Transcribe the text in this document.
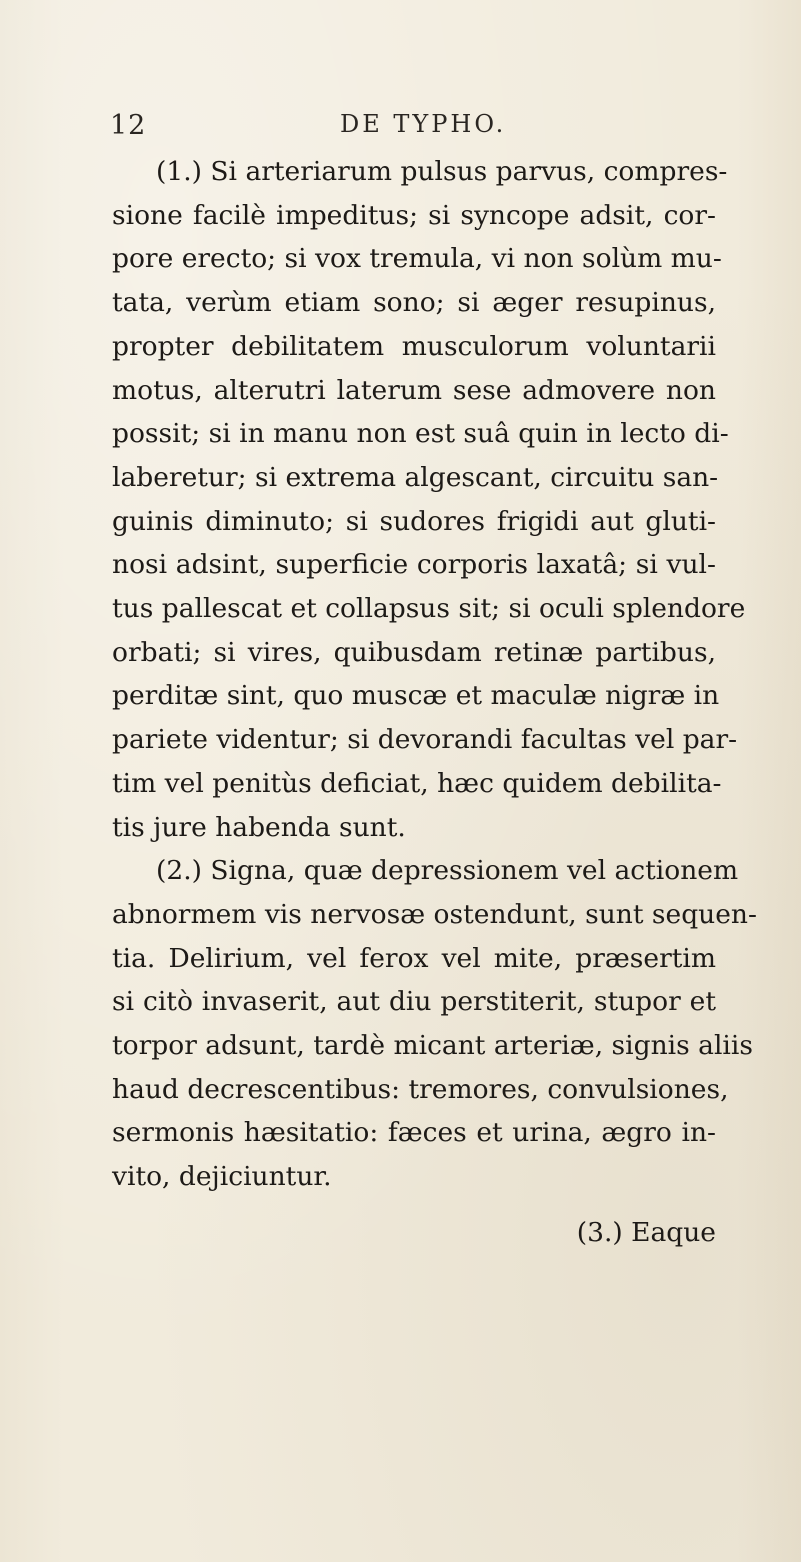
12	DE TYPHO.
(1.) Si arteriarum pulsus parvus, compres-
sione facilè impeditus; si syncope adsit, cor-
pore erecto; si vox tremula, vi non solùm mu-
tata, verùm etiam sono; si æger resupinus,
propter debilitatem musculorum voluntarii
motus, alterutri laterum sese admovere non
possit; si in manu non est suâ quin in lecto di-
laberetur; si extrema algescant, circuitu san-
guinis diminuto; si sudores frigidi aut gluti-
nosi adsint, superficie corporis laxatâ; si vul-
tus pallescat et collapsus sit; si oculi splendore
orbati; si vires, quibusdam retinæ partibus,
perditæ sint, quo muscæ et maculæ nigræ in
pariete videntur; si devorandi facultas vel par-
tim vel penitùs deficiat, hæc quidem debilita-
tis jure habenda sunt.
(2.) Signa, quæ depressionem vel actionem
abnormem vis nervosæ ostendunt, sunt sequen-
tia. Delirium, vel ferox vel mite, præsertim
si citò invaserit, aut diu perstiterit, stupor et
torpor adsunt, tardè micant arteriæ, signis aliis
haud decrescentibus: tremores, convulsiones,
sermonis hæsitatio: fæces et urina, ægro in-
vito, dejiciuntur.
(3.) Eaque
